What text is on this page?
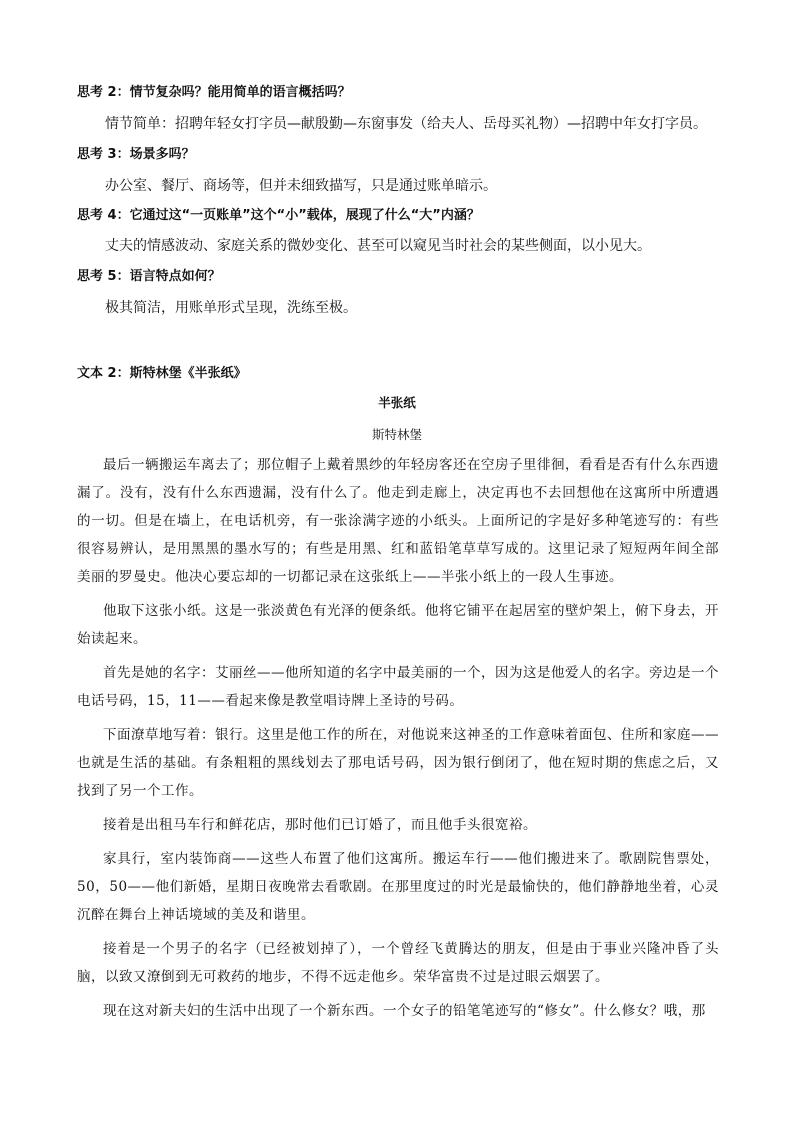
思考 2：情节复杂吗？能用简单的语言概括吗？
情节简单：招聘年轻女打字员—献殷勤—东窗事发（给夫人、岳母买礼物）—招聘中年女打字员。
思考 3：场景多吗？
办公室、餐厅、商场等，但并未细致描写，只是通过账单暗示。
思考 4：它通过这“一页账单”这个“小”载体，展现了什么“大”内涵？
丈夫的情感波动、家庭关系的微妙变化、甚至可以窥见当时社会的某些侧面，以小见大。
思考 5：语言特点如何？
极其简洁，用账单形式呈现，洗练至极。
文本 2：斯特林堡《半张纸》
半张纸
斯特林堡

最后一辆搬运车离去了；那位帽子上戴着黑纱的年轻房客还在空房子里徘徊，看看是否有什么东西遗漏了。没有，没有什么东西遗漏，没有什么了。他走到走廊上，决定再也不去回想他在这寓所中所遭遇的一切。但是在墙上，在电话机旁，有一张涂满字迹的小纸头。上面所记的字是好多种笔迹写的：有些很容易辨认，是用黑黑的墨水写的；有些是用黑、红和蓝铅笔草草写成的。这里记录了短短两年间全部美丽的罗曼史。他决心要忘却的一切都记录在这张纸上——半张小纸上的一段人生事迹。

他取下这张小纸。这是一张淡黄色有光泽的便条纸。他将它铺平在起居室的壁炉架上，俯下身去，开始读起来。

首先是她的名字：艾丽丝——他所知道的名字中最美丽的一个，因为这是他爱人的名字。旁边是一个电话号码，15，11——看起来像是教堂唱诗牌上圣诗的号码。

下面潦草地写着：银行。这里是他工作的所在，对他说来这神圣的工作意味着面包、住所和家庭——也就是生活的基础。有条粗粗的黑线划去了那电话号码，因为银行倒闭了，他在短时期的焦虑之后，又找到了另一个工作。

接着是出租马车行和鲜花店，那时他们已订婚了，而且他手头很宽裕。

家具行，室内装饰商——这些人布置了他们这寓所。搬运车行——他们搬进来了。歌剧院售票处，50，50——他们新婚，星期日夜晚常去看歌剧。在那里度过的时光是最愉快的，他们静静地坐着，心灵沉醉在舞台上神话境域的美及和谐里。

接着是一个男子的名字（已经被划掉了），一个曾经飞黄腾达的朋友，但是由于事业兴隆冲昏了头脑，以致又潦倒到无可救药的地步，不得不远走他乡。荣华富贵不过是过眼云烟罢了。

现在这对新夫妇的生活中出现了一个新东西。一个女子的铅笔笔迹写的“修女”。什么修女？哦，那
